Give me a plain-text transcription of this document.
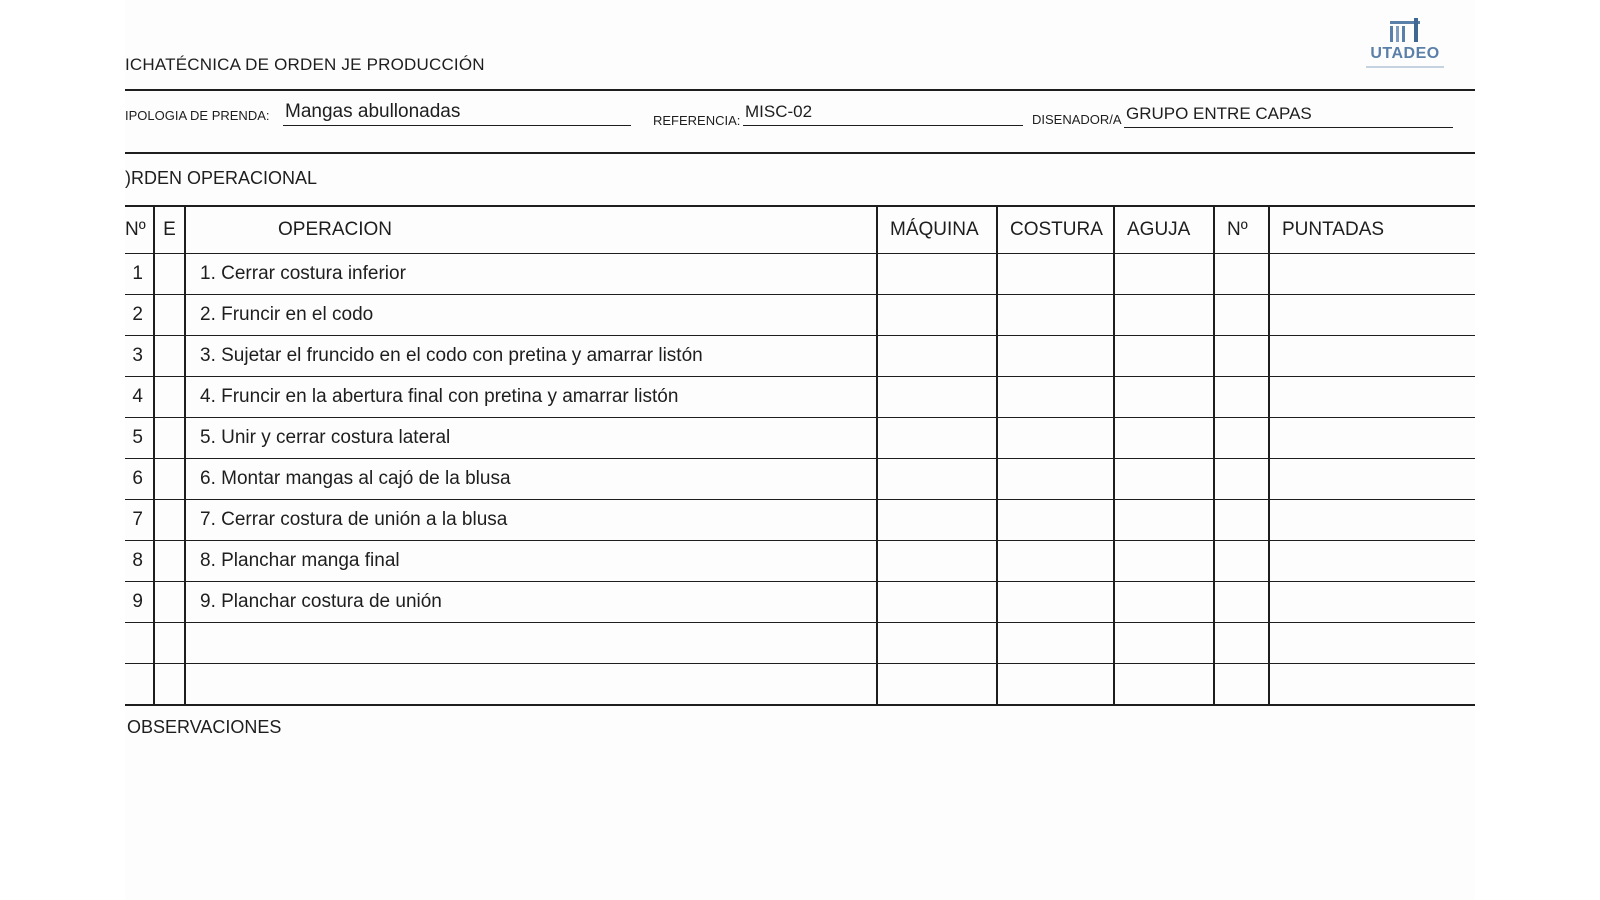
ICHATÉCNICA DE ORDEN JE PRODUCCIÓN
UTADEO
IPOLOGIA DE PRENDA: Mangas abullonadas	REFERENCIA: MISC-02	DISENADOR/A GRUPO ENTRE CAPAS
)RDEN OPERACIONAL
Nº	E	OPERACION	MÁQUINA	COSTURA	AGUJA	Nº	PUNTADAS
1		1. Cerrar costura inferior					
2		2. Fruncir en el codo					
3		3. Sujetar el fruncido en el codo con pretina y amarrar listón					
4		4. Fruncir en la abertura final con pretina y amarrar listón					
5		5. Unir y cerrar costura lateral					
6		6. Montar mangas al cajó de la blusa					
7		7. Cerrar costura de unión a la blusa					
8		8. Planchar manga final					
9		9. Planchar costura de unión					

OBSERVACIONES
